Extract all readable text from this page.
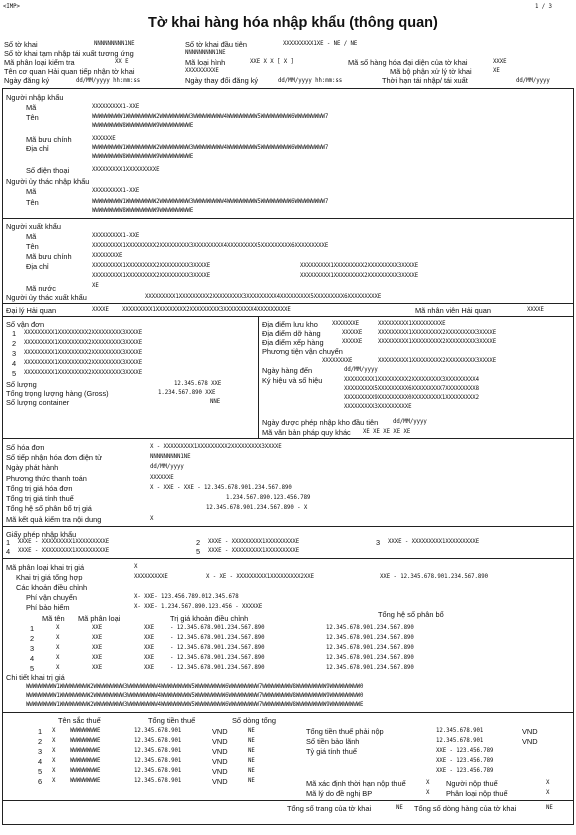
<IMP>	1 / 3
Tờ khai hàng hóa nhập khẩu (thông quan)
Số tờ khai	NNNNNNNNN1NE	Số tờ khai đầu tiên	XXXXXXXXX1XE - NE / NE
Số tờ khai tạm nhập tái xuất tương ứng	NNNNNNNNN1NE
Mã phân loại kiểm tra	XX E	Mã loại hình	XXE X X [ X ]	Mã số hàng hóa đại diện của tờ khai	XXXE
Tên cơ quan Hải quan tiếp nhận tờ khai	XXXXXXXXXE	Mã bộ phận xử lý tờ khai	XE
Ngày đăng ký	dd/MM/yyyy hh:mm:ss	Ngày thay đổi đăng ký	dd/MM/yyyy hh:mm:ss	Thời hạn tái nhập/ tái xuất	dd/MM/yyyy
Người nhập khẩu
Mã	XXXXXXXXX1-XXE
Tên	WWWWWWWWW1WWWWWWWWW2WWWWWWWWW3WWWWWWWWW4WWWWWWWWW5WWWWWWWWW6WWWWWWWWW7
WWWWWWWWW8WWWWWWWWW9WWWWWWWWWE
Mã bưu chính	XXXXXXE
Địa chỉ	WWWWWWWWW1WWWWWWWWW2WWWWWWWWW3WWWWWWWWW4WWWWWWWWW5WWWWWWWWW6WWWWWWWWW7
WWWWWWWWW8WWWWWWWWW9WWWWWWWWWE
Số điện thoại	XXXXXXXXX1XXXXXXXXXE
Người ủy thác nhập khẩu
Mã	XXXXXXXXX1-XXE
Tên	WWWWWWWWW1WWWWWWWWW2WWWWWWWWW3WWWWWWWWW4WWWWWWWWW5WWWWWWWWW6WWWWWWWWW7
WWWWWWWWW8WWWWWWWWW9WWWWWWWWWE
Người xuất khẩu
Mã	XXXXXXXXX1-XXE
Tên	XXXXXXXXX1XXXXXXXXX2XXXXXXXXX3XXXXXXXXX4XXXXXXXXX5XXXXXXXXX6XXXXXXXXXE
Mã bưu chính	XXXXXXXXE
Địa chỉ	XXXXXXXXX1XXXXXXXXX2XXXXXXXXX3XXXXE	XXXXXXXXX1XXXXXXXXX2XXXXXXXXX3XXXXE
XXXXXXXXX1XXXXXXXXX2XXXXXXXXX3XXXXE	XXXXXXXXX1XXXXXXXXX2XXXXXXXXX3XXXXE
Mã nước	XE
Người ủy thác xuất khẩu	XXXXXXXXX1XXXXXXXXX2XXXXXXXXX3XXXXXXXXX4XXXXXXXXX5XXXXXXXXX6XXXXXXXXXE
Đại lý Hải quan	XXXXE XXXXXXXXX1XXXXXXXXX2XXXXXXXXX3XXXXXXXXX4XXXXXXXXXE	Mã nhân viên Hải quan	XXXXE
Số vận đơn
1 XXXXXXXXX1XXXXXXXXX2XXXXXXXXX3XXXXE
2 XXXXXXXXX1XXXXXXXXX2XXXXXXXXX3XXXXE
3 XXXXXXXXX1XXXXXXXXX2XXXXXXXXX3XXXXE
4 XXXXXXXXX1XXXXXXXXX2XXXXXXXXX3XXXXE
5 XXXXXXXXX1XXXXXXXXX2XXXXXXXXX3XXXXE
Số lượng	12.345.678 XXE
Tổng trọng lượng hàng (Gross)	1.234.567.890 XXE
Số lượng container	NNE
Địa điểm lưu kho XXXXXXXE	XXXXXXXXX1XXXXXXXXXE
Địa điểm dỡ hàng	XXXXXE	XXXXXXXXX1XXXXXXXXX2XXXXXXXXX3XXXXE
Địa điểm xếp hàng	XXXXXE	XXXXXXXXX1XXXXXXXXX2XXXXXXXXX3XXXXE
Phương tiện vận chuyển
XXXXXXXXE	XXXXXXXXX1XXXXXXXXX2XXXXXXXXX3XXXXE
Ngày hàng đến	dd/MM/yyyy
Ký hiệu và số hiệu	XXXXXXXXX1XXXXXXXXX2XXXXXXXXX3XXXXXXXXX4
XXXXXXXXX5XXXXXXXXX6XXXXXXXXX7XXXXXXXXX8
XXXXXXXXX9XXXXXXXXX0XXXXXXXXX1XXXXXXXXX2
XXXXXXXXX3XXXXXXXXXE
Ngày được phép nhập kho đầu tiên	dd/MM/yyyy
Mã văn bản pháp quy khác XE XE XE XE XE
Số hóa đơn	X - XXXXXXXXX1XXXXXXXXX2XXXXXXXXX3XXXXE
Số tiếp nhận hóa đơn điện tử	NNNNNNNNN1NE
Ngày phát hành	dd/MM/yyyy
Phương thức thanh toán	XXXXXXE
Tổng trị giá hóa đơn	X - XXE - XXE - 12.345.678.901.234.567.890
Tổng trị giá tính thuế	1.234.567.890.123.456.789
Tổng hệ số phân bổ trị giá	12.345.678.901.234.567.890 - X
Mã kết quả kiểm tra nội dung	X
Giấy phép nhập khẩu
1 XXXE - XXXXXXXXX1XXXXXXXXXE	2 XXXE - XXXXXXXXX1XXXXXXXXXE	3 XXXE - XXXXXXXXX1XXXXXXXXXE
4 XXXE - XXXXXXXXX1XXXXXXXXXE	5 XXXE - XXXXXXXXX1XXXXXXXXXE
Mã phân loại khai trị giá	X
Khai trị giá tổng hợp	XXXXXXXXXE	X - XE - XXXXXXXXX1XXXXXXXXX2XXE	XXE - 12.345.678.901.234.567.890
Các khoản điều chỉnh
Phí vận chuyển	X- XXE- 123.456.789.012.345.678
Phí bảo hiểm	X- XXE- 1.234.567.890.123.456 - XXXXXE
Mã tên Mã phân loại	Trị giá khoản điều chỉnh	Tổng hệ số phân bổ
1	X	XXE	XXE	- 12.345.678.901.234.567.890	12.345.678.901.234.567.890
2	X	XXE	XXE	- 12.345.678.901.234.567.890	12.345.678.901.234.567.890
3	X	XXE	XXE	- 12.345.678.901.234.567.890	12.345.678.901.234.567.890
4	X	XXE	XXE	- 12.345.678.901.234.567.890	12.345.678.901.234.567.890
5	X	XXE	XXE	- 12.345.678.901.234.567.890	12.345.678.901.234.567.890
Chi tiết khai trị giá
WWWWWWWWW1WWWWWWWWW2WWWWWWWWW3WWWWWWWWW4WWWWWWWWW5WWWWWWWWW6WWWWWWWWW7WWWWWWWWW8WWWWWWWWW9WWWWWWWWW0
WWWWWWWWW1WWWWWWWWW2WWWWWWWWW3WWWWWWWWW4WWWWWWWWW5WWWWWWWWW6WWWWWWWWW7WWWWWWWWW8WWWWWWWWW9WWWWWWWWW0
WWWWWWWWW1WWWWWWWWW2WWWWWWWWW3WWWWWWWWW4WWWWWWWWW5WWWWWWWWW6WWWWWWWWW7WWWWWWWWW8WWWWWWWWW9WWWWWWWWWE
Tên sắc thuế	Tổng tiền thuế	Số dòng tổng
1 X	WWWWWWWWE	12.345.678.901	VND	NE
2 X	WWWWWWWWE	12.345.678.901	VND	NE
3 X	WWWWWWWWE	12.345.678.901	VND	NE
4 X	WWWWWWWWE	12.345.678.901	VND	NE
5 X	WWWWWWWWE	12.345.678.901	VND	NE
6 X	WWWWWWWWE	12.345.678.901	VND	NE
Tổng tiền thuế phải nộp	12.345.678.901	VND
Số tiền bảo lãnh	12.345.678.901	VND
Tỷ giá tính thuế	XXE - 123.456.789
XXE - 123.456.789
XXE - 123.456.789
Mã xác định thời hạn nộp thuế	X Người nộp thuế	X
Mã lý do đề nghị BP	X Phân loại nộp thuế	X
Tổng số trang của tờ khai	NE Tổng số dòng hàng của tờ khai	NE
